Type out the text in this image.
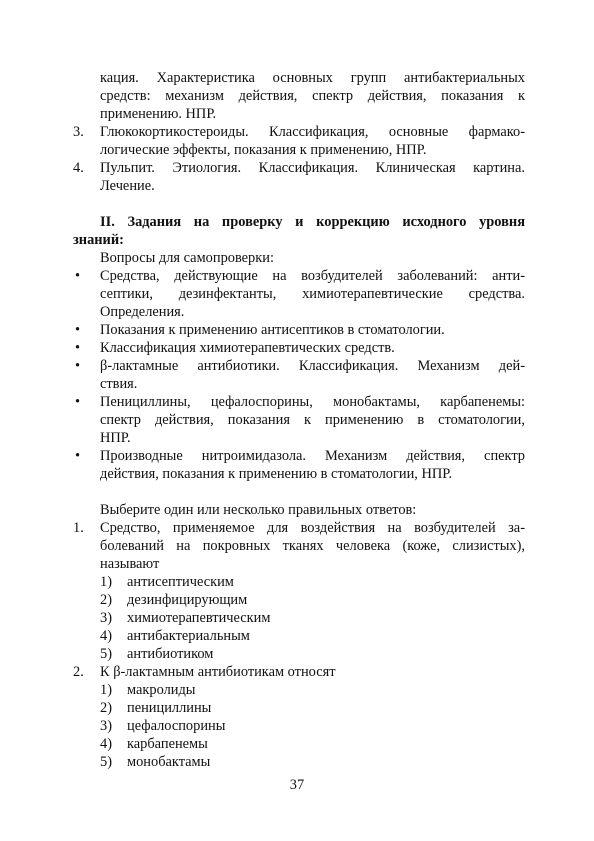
кация. Характеристика основных групп антибактериальных

средств: механизм действия, спектр действия, показания к

применению. НПР.

3. Глюкокортикостероиды. Классификация, основные фармако-

логические эффекты, показания к применению, НПР.

4. Пульпит. Этиология. Классификация. Клиническая картина.

Лечение.

II. Задания на проверку и коррекцию исходного уровня

знаний:

Вопросы для самопроверки:

• Средства, действующие на возбудителей заболеваний: анти-

септики, дезинфектанты, химиотерапевтические средства.

Определения.

• Показания к применению антисептиков в стоматологии.

• Классификация химиотерапевтических средств.

• β-лактамные антибиотики. Классификация. Механизм дей-

ствия.

• Пенициллины, цефалоспорины, монобактамы, карбапенемы:

спектр действия, показания к применению в стоматологии,

НПР.

• Производные нитроимидазола. Механизм действия, спектр

действия, показания к применению в стоматологии, НПР.

Выберите один или несколько правильных ответов:

1. Средство, применяемое для воздействия на возбудителей за-

болеваний на покровных тканях человека (коже, слизистых),

называют

1) антисептическим

2) дезинфицирующим

3) химиотерапевтическим

4) антибактериальным

5) антибиотиком

2. К β-лактамным антибиотикам относят

1) макролиды

2) пенициллины

3) цефалоспорины

4) карбапенемы

5) монобактамы

37
